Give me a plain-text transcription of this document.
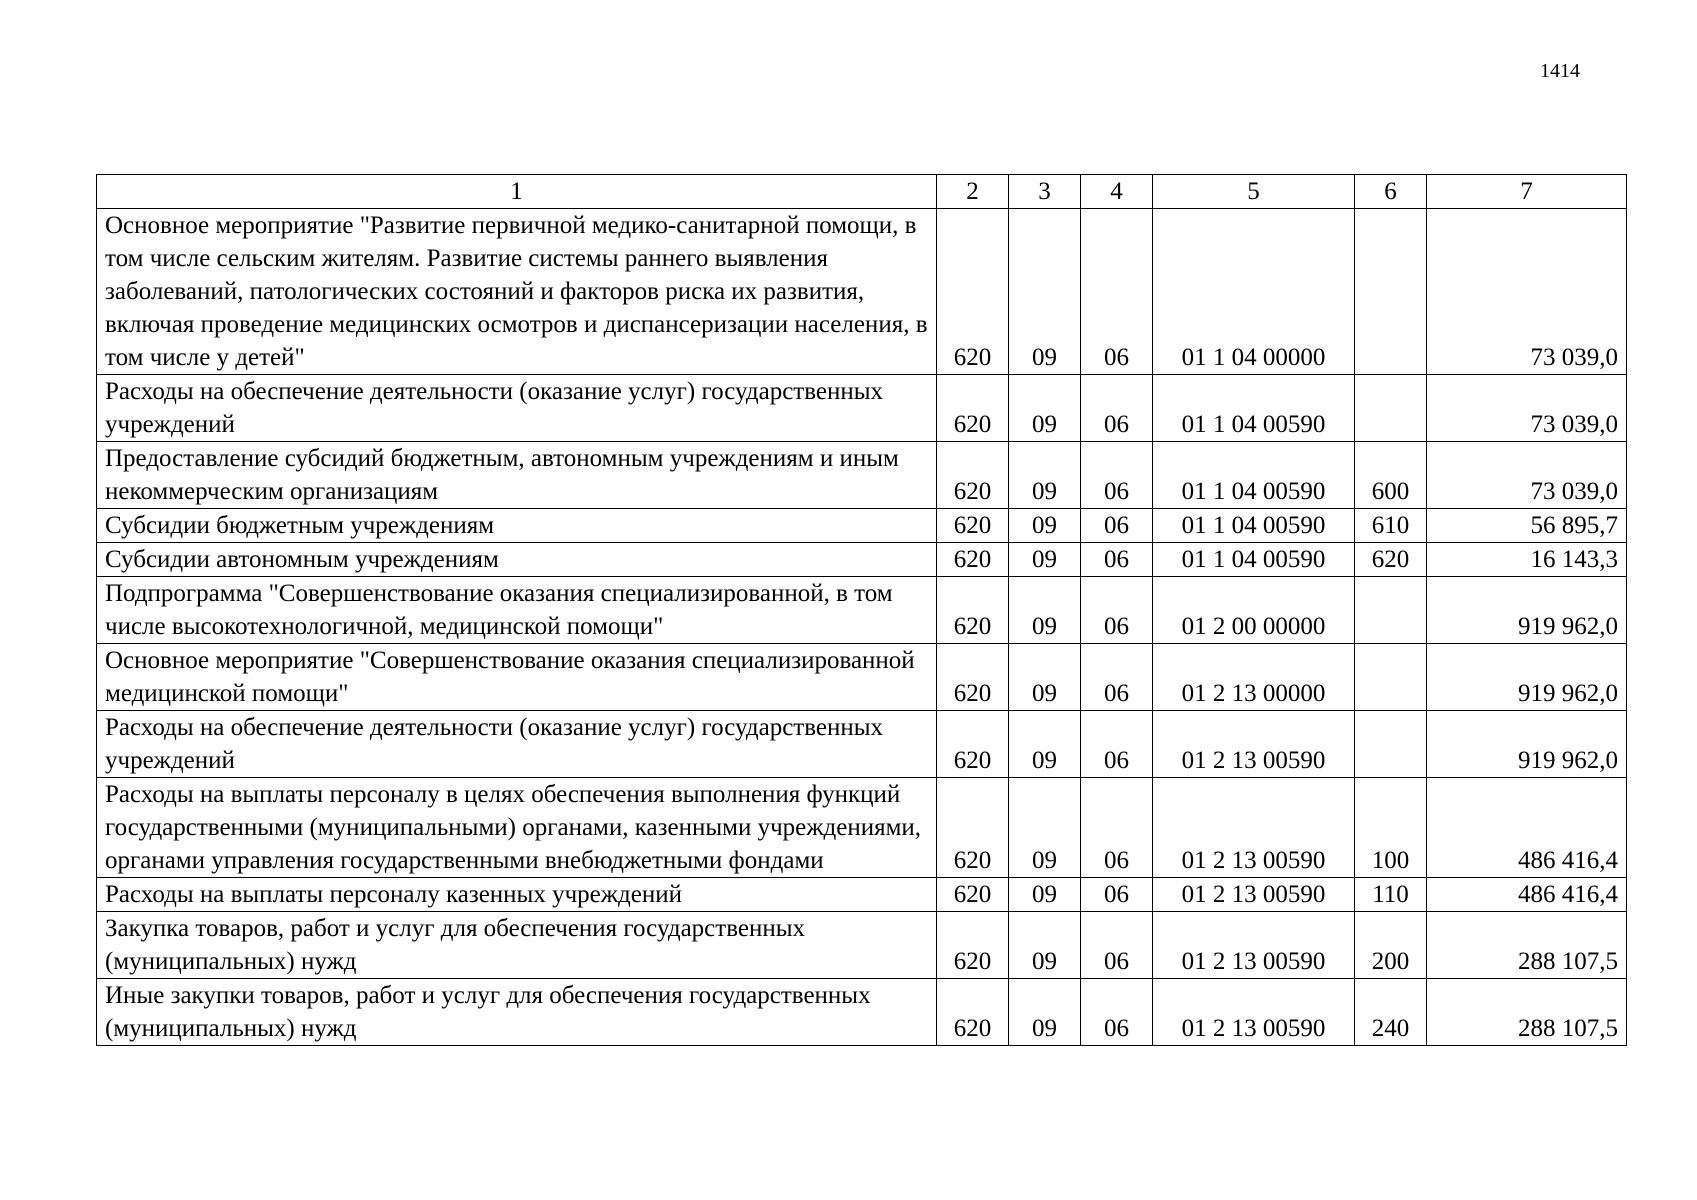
1414
1	2	3	4	5	6	7

Основное мероприятие "Развитие первичной медико-санитарной помощи, в том числе сельским жителям. Развитие системы раннего выявления заболеваний, патологических состояний и факторов риска их развития, включая проведение медицинских осмотров и диспансеризации населения, в том числе у детей"	620	09	06	01 1 04 00000		73 039,0

Расходы на обеспечение деятельности (оказание услуг) государственных учреждений	620	09	06	01 1 04 00590		73 039,0

Предоставление субсидий бюджетным, автономным учреждениям и иным некоммерческим организациям	620	09	06	01 1 04 00590	600	73 039,0

Субсидии бюджетным учреждениям	620	09	06	01 1 04 00590	610	56 895,7

Субсидии автономным учреждениям	620	09	06	01 1 04 00590	620	16 143,3

Подпрограмма "Совершенствование оказания специализированной, в том числе высокотехнологичной, медицинской помощи"	620	09	06	01 2 00 00000		919 962,0

Основное мероприятие "Совершенствование оказания специализированной медицинской помощи"	620	09	06	01 2 13 00000		919 962,0

Расходы на обеспечение деятельности (оказание услуг) государственных учреждений	620	09	06	01 2 13 00590		919 962,0

Расходы на выплаты персоналу в целях обеспечения выполнения функций государственными (муниципальными) органами, казенными учреждениями, органами управления государственными внебюджетными фондами	620	09	06	01 2 13 00590	100	486 416,4

Расходы на выплаты персоналу казенных учреждений	620	09	06	01 2 13 00590	110	486 416,4

Закупка товаров, работ и услуг для обеспечения государственных (муниципальных) нужд	620	09	06	01 2 13 00590	200	288 107,5

Иные закупки товаров, работ и услуг для обеспечения государственных (муниципальных) нужд	620	09	06	01 2 13 00590	240	288 107,5
